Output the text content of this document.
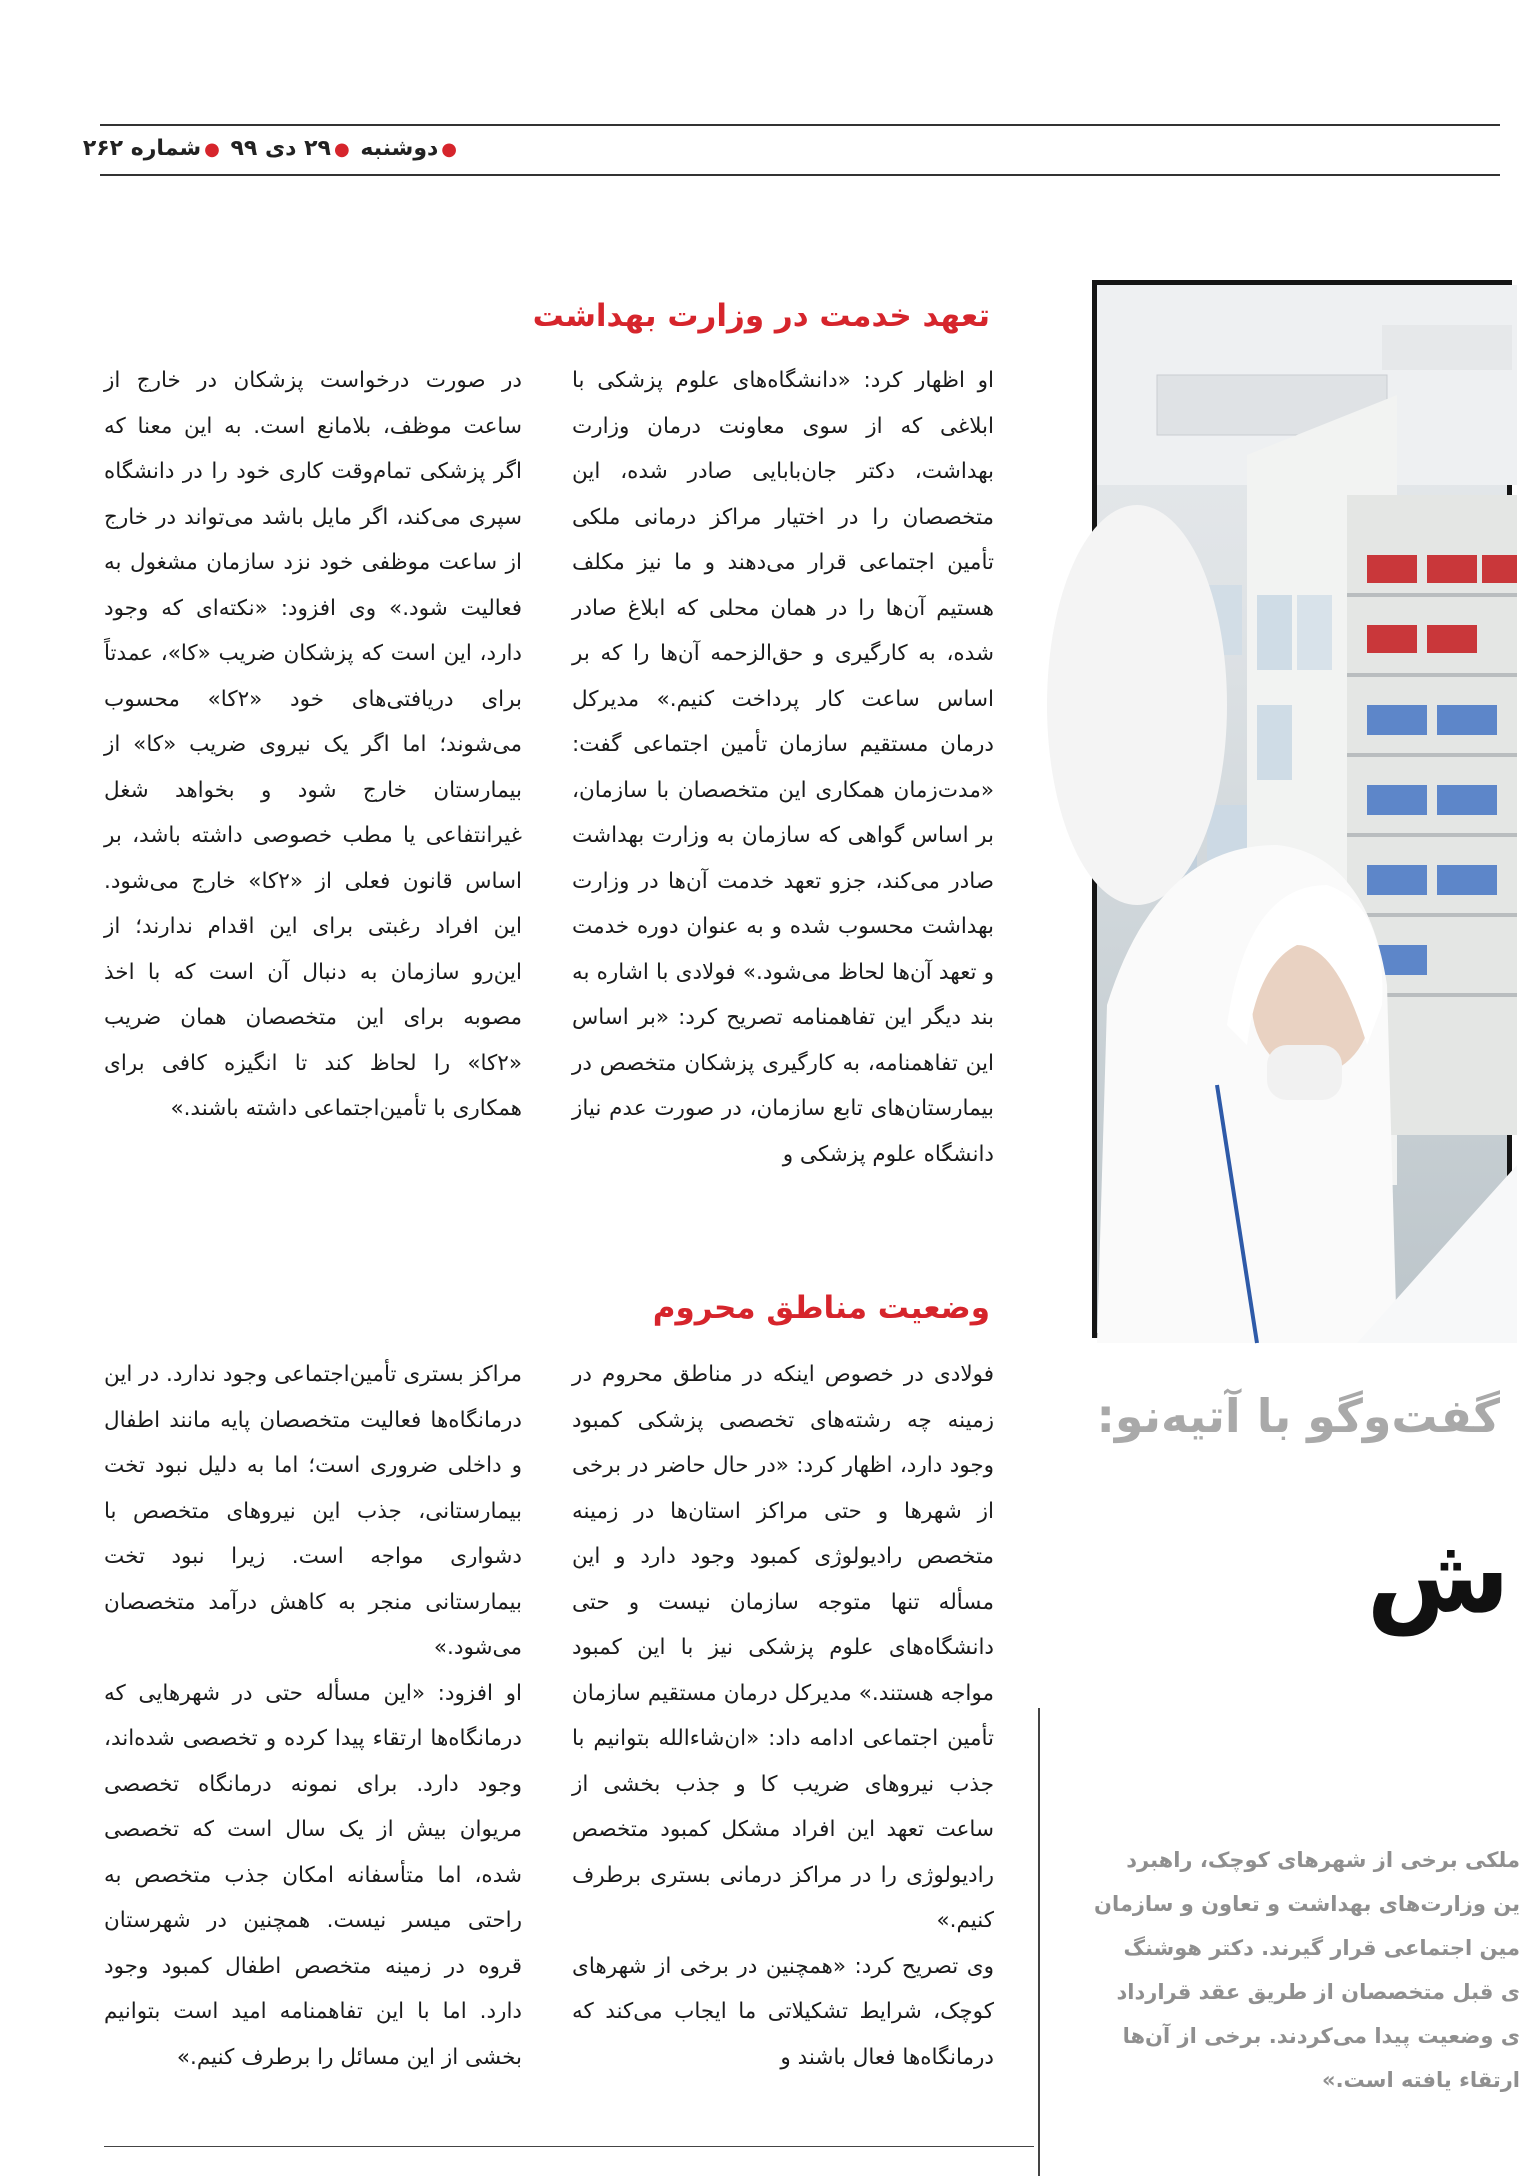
●دوشنبه ●۲۹ دی ۹۹ ●شماره ۲۶۲
تعهد خدمت در وزارت بهداشت

او اظهار کرد: «دانشگاه‌های علوم پزشکی با ابلاغی که از سوی معاونت درمان وزارت بهداشت، دکتر جان‌بابایی صادر شده، این متخصصان را در اختیار مراکز درمانی ملکی تأمین اجتماعی قرار می‌دهند و ما نیز مکلف هستیم آن‌ها را در همان محلی که ابلاغ صادر شده، به کارگیری و حق‌الزحمه آن‌ها را که بر اساس ساعت کار پرداخت کنیم.» مدیرکل درمان مستقیم سازمان تأمین اجتماعی گفت: «مدت‌زمان همکاری این متخصصان با سازمان، بر اساس گواهی که سازمان به وزارت بهداشت صادر می‌کند، جزو تعهد خدمت آن‌ها در وزارت بهداشت محسوب شده و به عنوان دوره خدمت و تعهد آن‌ها لحاظ می‌شود.» فولادی با اشاره به بند دیگر این تفاهمنامه تصریح کرد: «بر اساس این تفاهمنامه، به کارگیری پزشکان متخصص در بیمارستان‌های تابع سازمان، در صورت عدم نیاز دانشگاه علوم پزشکی و

در صورت درخواست پزشکان در خارج از ساعت موظف، بلامانع است. به این معنا که اگر پزشکی تمام‌وقت کاری خود را در دانشگاه سپری می‌کند، اگر مایل باشد می‌تواند در خارج از ساعت موظفی خود نزد سازمان مشغول به فعالیت شود.» وی افزود: «نکته‌ای که وجود دارد، این است که پزشکان ضریب «کا»، عمدتاً برای دریافتی‌های خود «۲کا» محسوب می‌شوند؛ اما اگر یک نیروی ضریب «کا» از بیمارستان خارج شود و بخواهد شغل غیرانتفاعی یا مطب خصوصی داشته باشد، بر اساس قانون فعلی از «۲کا» خارج می‌شود. این افراد رغبتی برای این اقدام ندارند؛ از این‌رو سازمان به دنبال آن است که با اخذ مصوبه برای این متخصصان همان ضریب «۲کا» را لحاظ کند تا انگیزه کافی برای همکاری با تأمین‌اجتماعی داشته باشند.»

وضعیت مناطق محروم

فولادی در خصوص اینکه در مناطق محروم در زمینه چه رشته‌های تخصصی پزشکی کمبود وجود دارد، اظهار کرد: «در حال حاضر در برخی از شهرها و حتی مراکز استان‌ها در زمینه متخصص رادیولوژی کمبود وجود دارد و این مسأله تنها متوجه سازمان نیست و حتی دانشگاه‌های علوم پزشکی نیز با این کمبود مواجه هستند.» مدیرکل درمان مستقیم سازمان تأمین اجتماعی ادامه داد: «ان‌شاءالله بتوانیم با جذب نیروهای ضریب کا و جذب بخشی از ساعت تعهد این افراد مشکل کمبود متخصص رادیولوژی را در مراکز درمانی بستری برطرف کنیم.»

وی تصریح کرد: «همچنین در برخی از شهرهای کوچک، شرایط تشکیلاتی ما ایجاب می‌کند که درمانگاه‌ها فعال باشند و

مراکز بستری تأمین‌اجتماعی وجود ندارد. در این درمانگاه‌ها فعالیت متخصصان پایه مانند اطفال و داخلی ضروری است؛ اما به دلیل نبود تخت بیمارستانی، جذب این نیروهای متخصص با دشواری مواجه است. زیرا نبود تخت بیمارستانی منجر به کاهش درآمد متخصصان می‌شود.»

او افزود: «این مسأله حتی در شهرهایی که درمانگاه‌ها ارتقاء پیدا کرده و تخصصی شده‌اند، وجود دارد. برای نمونه درمانگاه تخصصی مریوان بیش از یک سال است که تخصصی شده، اما متأسفانه امکان جذب متخصص به راحتی میسر نیست. همچنین در شهرستان قروه در زمینه متخصص اطفال کمبود وجود دارد. اما با این تفاهمنامه امید است بتوانیم بخشی از این مسائل را برطرف کنیم.»

گفت‌وگو با آتیه‌نو:
ش

ملکی برخی از شهرهای کوچک، راهبرد

ین وزارت‌های بهداشت و تعاون و سازمان

مین اجتماعی قرار گیرند. دکتر هوشنگ

ی قبل متخصصان از طریق عقد قرارداد

ی وضعیت پیدا می‌کردند. برخی از آن‌ها

ارتقاء یافته است.»
